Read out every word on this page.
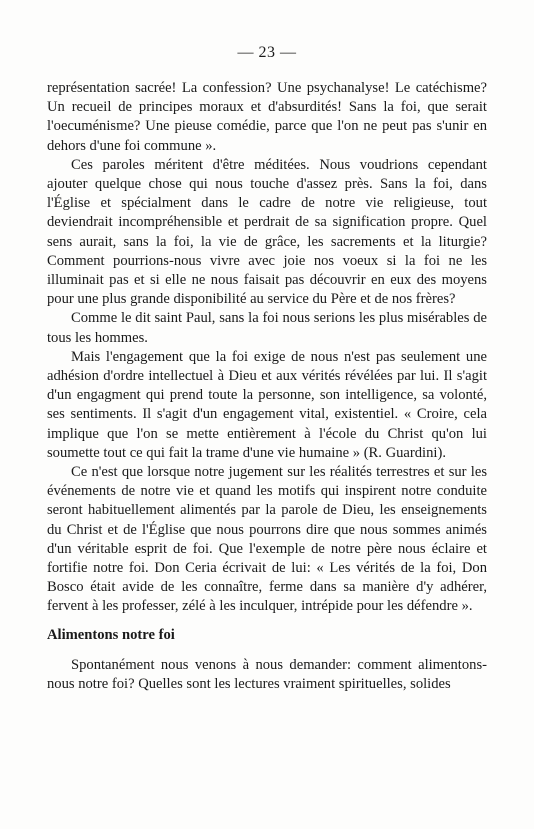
— 23 —

représentation sacrée! La confession? Une psychanalyse! Le catéchisme? Un recueil de principes moraux et d'absurdités! Sans la foi, que serait l'oecuménisme? Une pieuse comédie, parce que l'on ne peut pas s'unir en dehors d'une foi commune ».

Ces paroles méritent d'être méditées. Nous voudrions cependant ajouter quelque chose qui nous touche d'assez près. Sans la foi, dans l'Église et spécialment dans le cadre de notre vie religieuse, tout deviendrait incompréhensible et perdrait de sa signification propre. Quel sens aurait, sans la foi, la vie de grâce, les sacrements et la liturgie? Comment pourrions-nous vivre avec joie nos voeux si la foi ne les illuminait pas et si elle ne nous faisait pas découvrir en eux des moyens pour une plus grande disponibilité au service du Père et de nos frères?

Comme le dit saint Paul, sans la foi nous serions les plus misérables de tous les hommes.

Mais l'engagement que la foi exige de nous n'est pas seulement une adhésion d'ordre intellectuel à Dieu et aux vérités révélées par lui. Il s'agit d'un engagment qui prend toute la personne, son intelligence, sa volonté, ses sentiments. Il s'agit d'un engagement vital, existentiel. « Croire, cela implique que l'on se mette entièrement à l'école du Christ qu'on lui soumette tout ce qui fait la trame d'une vie humaine » (R. Guardini).

Ce n'est que lorsque notre jugement sur les réalités terrestres et sur les événements de notre vie et quand les motifs qui inspirent notre conduite seront habituellement alimentés par la parole de Dieu, les enseignements du Christ et de l'Église que nous pourrons dire que nous sommes animés d'un véritable esprit de foi. Que l'exemple de notre père nous éclaire et fortifie notre foi. Don Ceria écrivait de lui: « Les vérités de la foi, Don Bosco était avide de les connaître, ferme dans sa manière d'y adhérer, fervent à les professer, zélé à les inculquer, intrépide pour les défendre ».

Alimentons notre foi

Spontanément nous venons à nous demander: comment alimentons-nous notre foi? Quelles sont les lectures vraiment spirituelles, solides
